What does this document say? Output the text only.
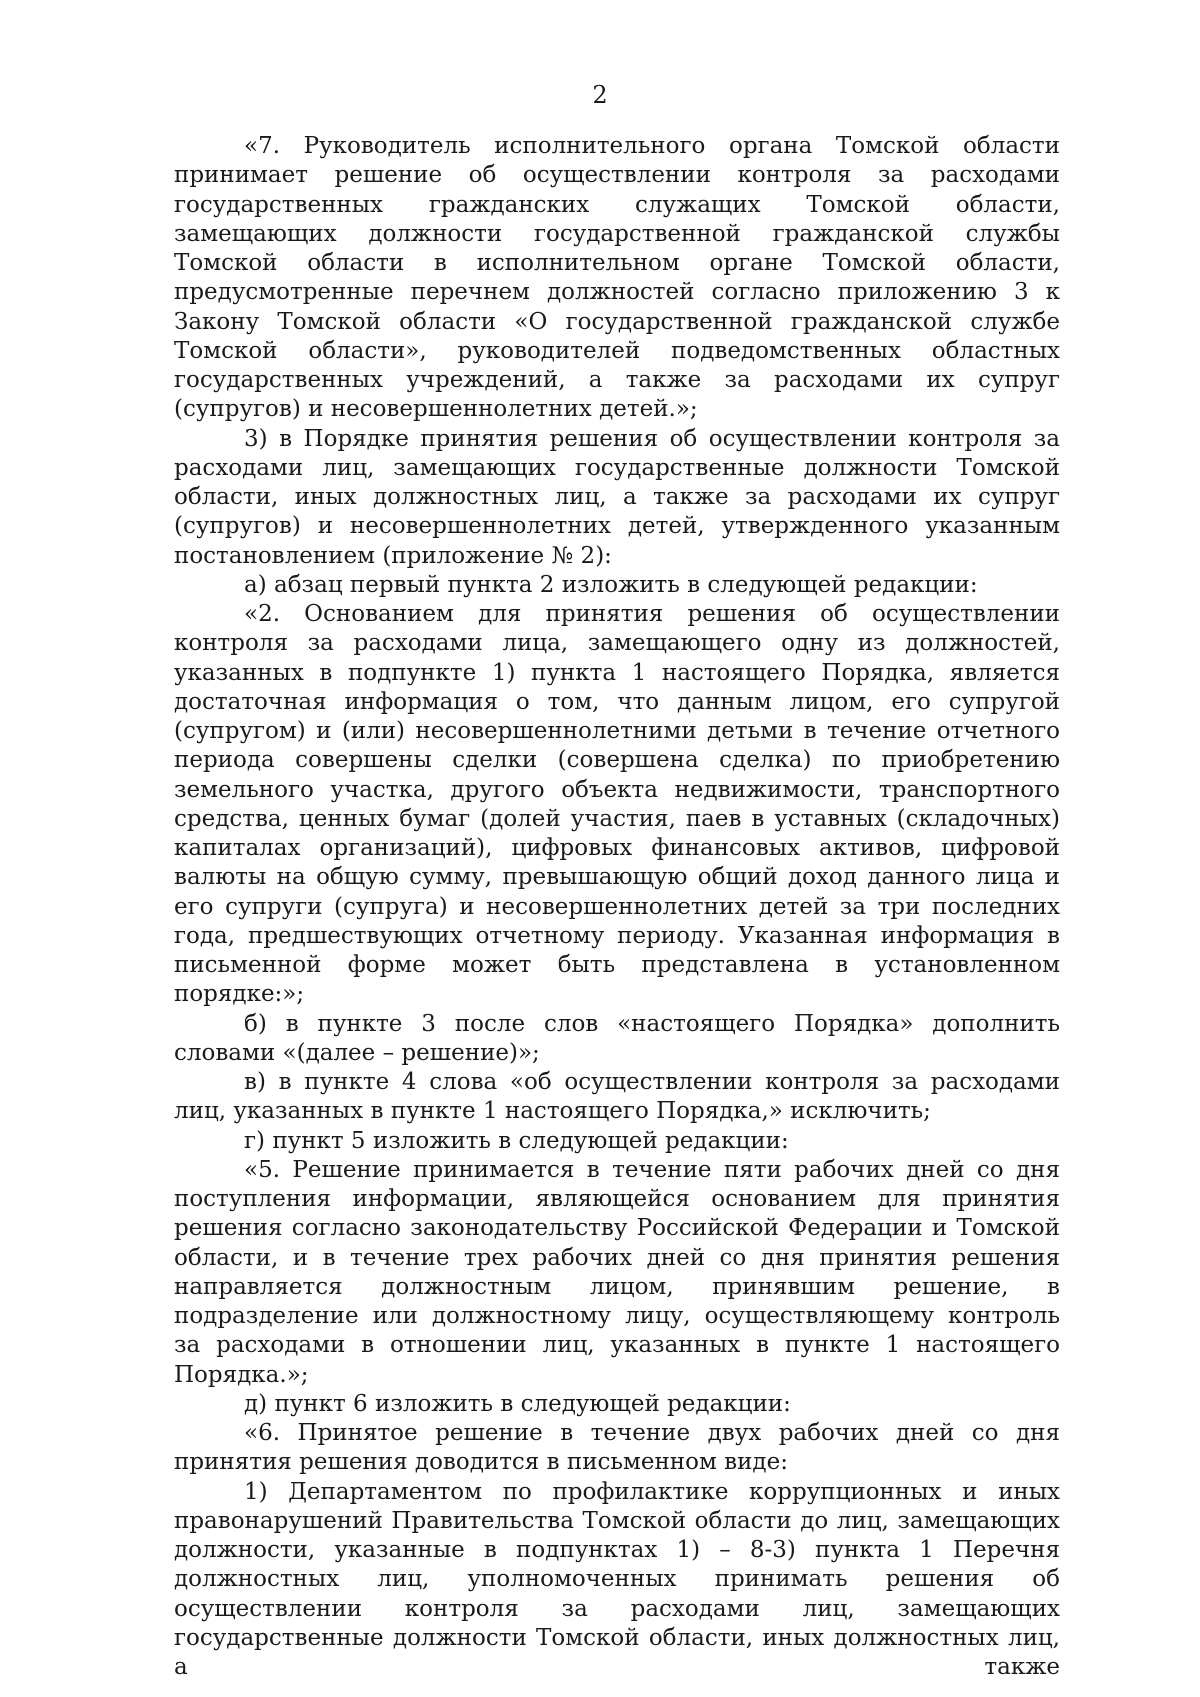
2

«7. Руководитель исполнительного органа Томской области принимает решение об осуществлении контроля за расходами государственных гражданских служащих Томской области, замещающих должности государственной гражданской службы Томской области в исполнительном органе Томской области, предусмотренные перечнем должностей согласно приложению 3 к Закону Томской области «О государственной гражданской службе Томской области», руководителей подведомственных областных государственных учреждений, а также за расходами их супруг (супругов) и несовершеннолетних детей.»;

3) в Порядке принятия решения об осуществлении контроля за расходами лиц, замещающих государственные должности Томской области, иных должностных лиц, а также за расходами их супруг (супругов) и несовершеннолетних детей, утвержденного указанным постановлением (приложение № 2):

а) абзац первый пункта 2 изложить в следующей редакции:

«2. Основанием для принятия решения об осуществлении контроля за расходами лица, замещающего одну из должностей, указанных в подпункте 1) пункта 1 настоящего Порядка, является достаточная информация о том, что данным лицом, его супругой (супругом) и (или) несовершеннолетними детьми в течение отчетного периода совершены сделки (совершена сделка) по приобретению земельного участка, другого объекта недвижимости, транспортного средства, ценных бумаг (долей участия, паев в уставных (складочных) капиталах организаций), цифровых финансовых активов, цифровой валюты на общую сумму, превышающую общий доход данного лица и его супруги (супруга) и несовершеннолетних детей за три последних года, предшествующих отчетному периоду. Указанная информация в письменной форме может быть представлена в установленном порядке:»;

б) в пункте 3 после слов «настоящего Порядка» дополнить словами «(далее – решение)»;

в) в пункте 4 слова «об осуществлении контроля за расходами лиц, указанных в пункте 1 настоящего Порядка,» исключить;

г) пункт 5 изложить в следующей редакции:

«5. Решение принимается в течение пяти рабочих дней со дня поступления информации, являющейся основанием для принятия решения согласно законодательству Российской Федерации и Томской области, и в течение трех рабочих дней со дня принятия решения направляется должностным лицом, принявшим решение, в подразделение или должностному лицу, осуществляющему контроль за расходами в отношении лиц, указанных в пункте 1 настоящего Порядка.»;

д) пункт 6 изложить в следующей редакции:

«6. Принятое решение в течение двух рабочих дней со дня принятия решения доводится в письменном виде:

1) Департаментом по профилактике коррупционных и иных правонарушений Правительства Томской области до лиц, замещающих должности, указанные в подпунктах 1) – 8-3) пункта 1 Перечня должностных лиц, уполномоченных принимать решения об осуществлении контроля за расходами лиц, замещающих государственные должности Томской области, иных должностных лиц, а также
